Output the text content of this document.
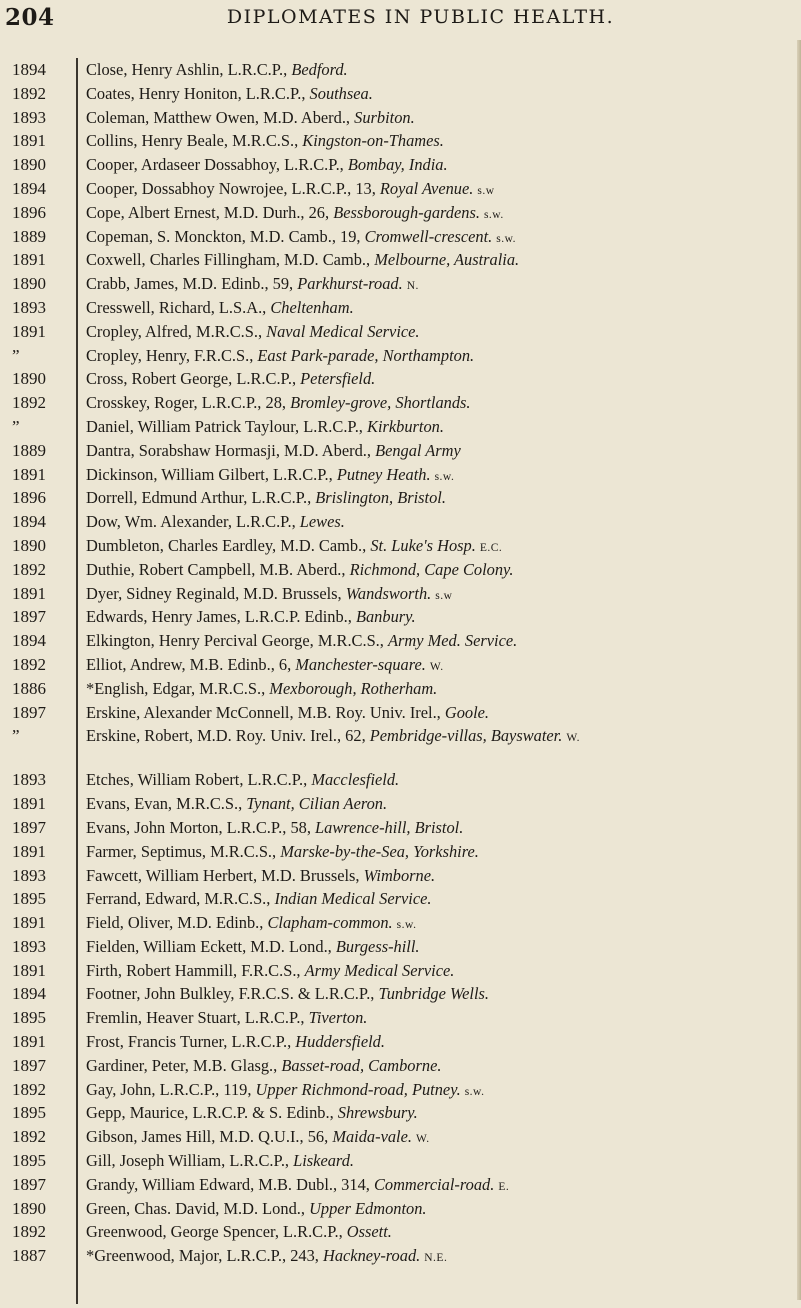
204	DIPLOMATES IN PUBLIC HEALTH.
1894	Close, Henry Ashlin, L.R.C.P., Bedford.
1892	Coates, Henry Honiton, L.R.C.P., Southsea.
1893	Coleman, Matthew Owen, M.D. Aberd., Surbiton.
1891	Collins, Henry Beale, M.R.C.S., Kingston-on-Thames.
1890	Cooper, Ardaseer Dossabhoy, L.R.C.P., Bombay, India.
1894	Cooper, Dossabhoy Nowrojee, L.R.C.P., 13, Royal Avenue. s.w
1896	Cope, Albert Ernest, M.D. Durh., 26, Bessborough-gardens. s.w.
1889	Copeman, S. Monckton, M.D. Camb., 19, Cromwell-crescent. s.w.
1891	Coxwell, Charles Fillingham, M.D. Camb., Melbourne, Australia.
1890	Crabb, James, M.D. Edinb., 59, Parkhurst-road. N.
1893	Cresswell, Richard, L.S.A., Cheltenham.
1891	Cropley, Alfred, M.R.C.S., Naval Medical Service.
”	Cropley, Henry, F.R.C.S., East Park-parade, Northampton.
1890	Cross, Robert George, L.R.C.P., Petersfield.
1892	Crosskey, Roger, L.R.C.P., 28, Bromley-grove, Shortlands.
”	Daniel, William Patrick Taylour, L.R.C.P., Kirkburton.
1889	Dantra, Sorabshaw Hormasji, M.D. Aberd., Bengal Army
1891	Dickinson, William Gilbert, L.R.C.P., Putney Heath. s.w.
1896	Dorrell, Edmund Arthur, L.R.C.P., Brislington, Bristol.
1894	Dow, Wm. Alexander, L.R.C.P., Lewes.
1890	Dumbleton, Charles Eardley, M.D. Camb., St. Luke's Hosp. E.C.
1892	Duthie, Robert Campbell, M.B. Aberd., Richmond, Cape Colony.
1891	Dyer, Sidney Reginald, M.D. Brussels, Wandsworth. s.w
1897	Edwards, Henry James, L.R.C.P. Edinb., Banbury.
1894	Elkington, Henry Percival George, M.R.C.S., Army Med. Service.
1892	Elliot, Andrew, M.B. Edinb., 6, Manchester-square. W.
1886	*English, Edgar, M.R.C.S., Mexborough, Rotherham.
1897	Erskine, Alexander McConnell, M.B. Roy. Univ. Irel., Goole.
”	Erskine, Robert, M.D. Roy. Univ. Irel., 62, Pembridge-villas, Bayswater. W.
1893	Etches, William Robert, L.R.C.P., Macclesfield.
1891	Evans, Evan, M.R.C.S., Tynant, Cilian Aeron.
1897	Evans, John Morton, L.R.C.P., 58, Lawrence-hill, Bristol.
1891	Farmer, Septimus, M.R.C.S., Marske-by-the-Sea, Yorkshire.
1893	Fawcett, William Herbert, M.D. Brussels, Wimborne.
1895	Ferrand, Edward, M.R.C.S., Indian Medical Service.
1891	Field, Oliver, M.D. Edinb., Clapham-common. s.w.
1893	Fielden, William Eckett, M.D. Lond., Burgess-hill.
1891	Firth, Robert Hammill, F.R.C.S., Army Medical Service.
1894	Footner, John Bulkley, F.R.C.S. & L.R.C.P., Tunbridge Wells.
1895	Fremlin, Heaver Stuart, L.R.C.P., Tiverton.
1891	Frost, Francis Turner, L.R.C.P., Huddersfield.
1897	Gardiner, Peter, M.B. Glasg., Basset-road, Camborne.
1892	Gay, John, L.R.C.P., 119, Upper Richmond-road, Putney. s.w.
1895	Gepp, Maurice, L.R.C.P. & S. Edinb., Shrewsbury.
1892	Gibson, James Hill, M.D. Q.U.I., 56, Maida-vale. W.
1895	Gill, Joseph William, L.R.C.P., Liskeard.
1897	Grandy, William Edward, M.B. Dubl., 314, Commercial-road. E.
1890	Green, Chas. David, M.D. Lond., Upper Edmonton.
1892	Greenwood, George Spencer, L.R.C.P., Ossett.
1887	*Greenwood, Major, L.R.C.P., 243, Hackney-road. N.E.
